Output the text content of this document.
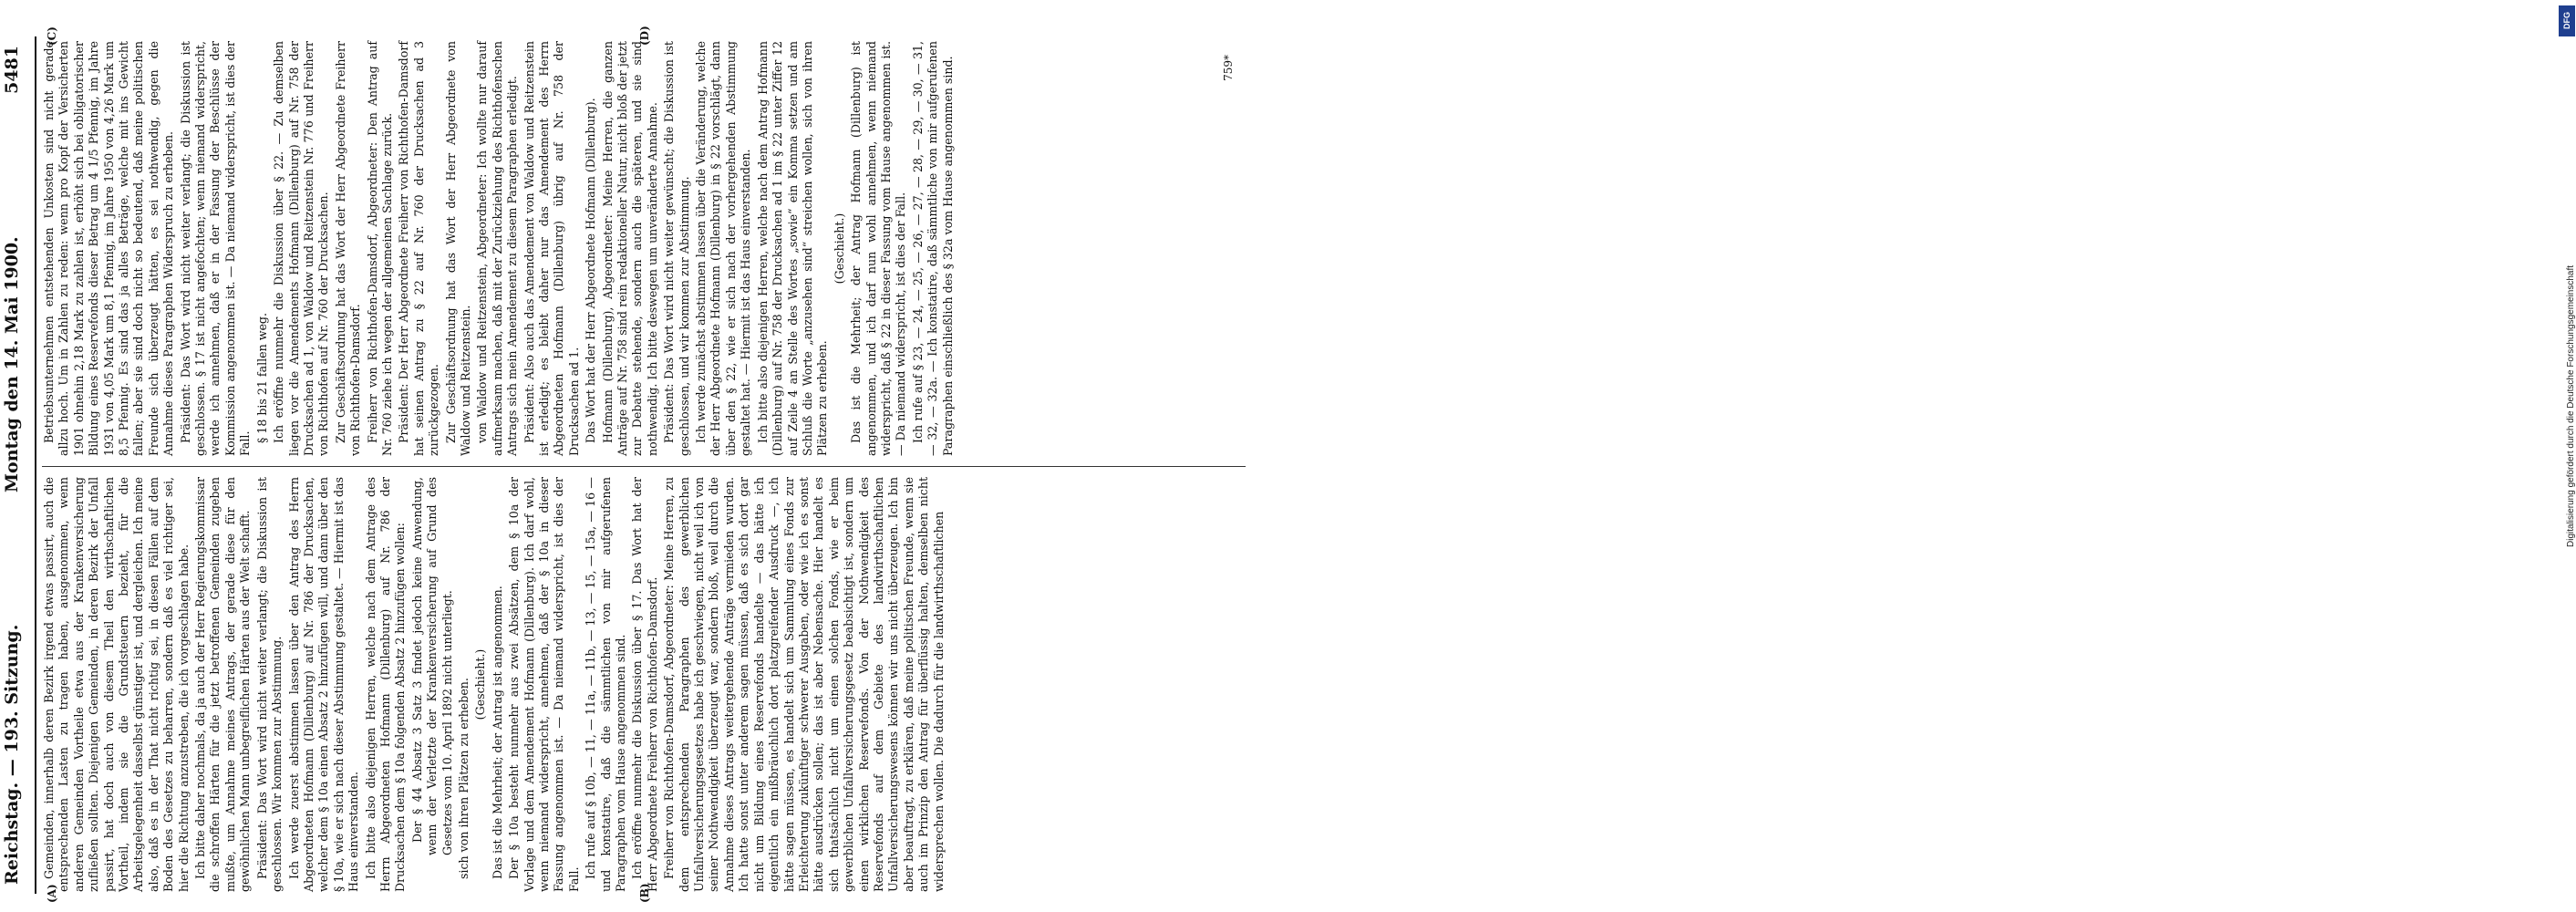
Reichstag. — 193. Sitzung.
Montag den 14. Mai 1900.
5481

Gemeinden, innerhalb deren Bezirk irgend etwas passirt, auch die entsprechenden Lasten zu tragen haben, ausgenommen, wenn anderen Gemeinden Vortheile etwa aus der Krankenversicherung zufließen sollten. Diejenigen Gemeinden, in deren Bezirk der Unfall passirt, hat doch auch von diesem Theil den wirthschaftlichen Vortheil, indem sie die Grundsteuern bezieht, für die Arbeitsgelegenheit dasselbst günstiger ist, und dergleichen. Ich meine also, daß es in der That nicht richtig sei, in diesen Fällen auf dem Boden des Gesetzes zu beharren, sondern daß es viel richtiger sei, hier die Richtung anzustreben, die ich vorgeschlagen habe. Ich bitte daher nochmals, da ja auch der Herr Regierungskommissar die schroffen Härten für die jetzt betroffenen Gemeinden zugeben mußte, um Annahme meines Antrags, der gerade diese für den gewöhnlichen Mann unbegreiflichen Härten aus der Welt schafft. Präsident: Das Wort wird nicht weiter verlangt; die Diskussion ist geschlossen. Wir kommen zur Abstimmung. Ich werde zuerst abstimmen lassen über den Antrag des Herrn Abgeordneten Hofmann (Dillenburg) auf Nr. 786 der Drucksachen, welcher dem § 10a einen Absatz 2 hinzufügen will, und dann über den § 10a, wie er sich nach dieser Abstimmung gestaltet. — Hiermit ist das Haus einverstanden. Ich bitte also diejenigen Herren, welche nach dem Antrage des Herrn Abgeordneten Hofmann (Dillenburg) auf Nr. 786 der Drucksachen dem § 10a folgenden Absatz 2 hinzufügen wollen: Der § 44 Absatz 3 Satz 3 findet jedoch keine Anwendung, wenn der Verletzte der Krankenversicherung auf Grund des Gesetzes vom 10. April 1892 nicht unterliegt. sich von ihren Plätzen zu erheben. (Geschieht.) Das ist die Mehrheit; der Antrag ist angenommen. Der § 10a besteht nunmehr aus zwei Absätzen, dem § 10a der Vorlage und dem Amendement Hofmann (Dillenburg). Ich darf wohl, wenn niemand widerspricht, annehmen, daß der § 10a in dieser Fassung angenommen ist. — Da niemand widerspricht, ist dies der Fall.

Ich rufe auf § 10b, — 11, — 11a, — 11b, — 13, — 15, — 15a, — 16 — und konstatire, daß die sämmtlichen von mir aufgerufenen Paragraphen vom Hause angenommen sind. Ich eröffne nunmehr die Diskussion über § 17. Das Wort hat der Herr Abgeordnete Freiherr von Richthofen-Damsdorf. Freiherr von Richthofen-Damsdorf, Abgeordneter: Meine Herren, zu dem entsprechenden Paragraphen des gewerblichen Unfallversicherungsgesetzes habe ich geschwiegen, nicht weil ich von seiner Nothwendigkeit überzeugt war, sondern bloß, weil durch die Annahme dieses Antrags weitergehende Anträge vermieden wurden. Ich hatte sonst unter anderem sagen müssen, daß es sich dort gar nicht um Bildung eines Reservefonds handelte — das hätte ich eigentlich ein mißbräuchlich dort platzgreifender Ausdruck —, ich hätte sagen müssen, es handelt sich um Sammlung eines Fonds zur Erleichterung zukünftiger schwerer Ausgaben, oder wie ich es sonst hätte ausdrücken sollen; das ist aber Nebensache. Hier handelt es sich thatsächlich nicht um einen solchen Fonds, wie er beim gewerblichen Unfallversicherungsgesetz beabsichtigt ist, sondern um einen wirklichen Reservefonds. Von der Nothwendigkeit des Reservefonds auf dem Gebiete des landwirthschaftlichen Unfallversicherungswesens können wir uns nicht überzeugen. Ich bin aber beauftragt, zu erklären, daß meine politischen Freunde, wenn sie auch im Prinzip den Antrag für überflüssig halten, demselben nicht widersprechen wollen. Die dadurch für die landwirthschaftlichen

Betriebsunternehmen entstehenden Unkosten sind nicht gerade allzu hoch. Um in Zahlen zu reden: wenn pro Kopf der Versicherten 1901 ohnehin 2,18 Mark zu zahlen ist, erhöht sich bei obligatorischer Bildung eines Reservefonds dieser Betrag um 4 1/5 Pfennig, im Jahre 1931 von 4,05 Mark um 8,1 Pfennig, im Jahre 1950 von 4,26 Mark um 8,5 Pfennig. Es sind das ja alles Beträge, welche mit ins Gewicht fallen; aber sie sind doch nicht so bedeutend, daß meine politischen Freunde sich überzeugt hätten, es sei nothwendig, gegen die Annahme dieses Paragraphen Widerspruch zu erheben. Präsident: Das Wort wird nicht weiter verlangt; die Diskussion ist geschlossen. § 17 ist nicht angefochten; wenn niemand widerspricht, werde ich annehmen, daß er in der Fassung der Beschlüsse der Kommission angenommen ist. — Da niemand widerspricht, ist dies der Fall.

§ 18 bis 21 fallen weg. Ich eröffne nunmehr die Diskussion über § 22. — Zu demselben liegen vor die Amendements Hofmann (Dillenburg) auf Nr. 758 der Drucksachen ad 1, von Waldow und Reitzenstein Nr. 776 und Freiherr von Richthofen auf Nr. 760 der Drucksachen. Zur Geschäftsordnung hat das Wort der Herr Abgeordnete Freiherr von Richthofen-Damsdorf. Freiherr von Richthofen-Damsdorf, Abgeordneter: Den Antrag auf Nr. 760 ziehe ich wegen der allgemeinen Sachlage zurück. Präsident: Der Herr Abgeordnete Freiherr von Richthofen-Damsdorf hat seinen Antrag zu § 22 auf Nr. 760 der Drucksachen ad 3 zurückgezogen. Zur Geschäftsordnung hat das Wort der Herr Abgeordnete von Waldow und Reitzenstein. von Waldow und Reitzenstein, Abgeordneter: Ich wollte nur darauf aufmerksam machen, daß mit der Zurückziehung des Richthofenschen Antrags sich mein Amendement zu diesem Paragraphen erledigt. Präsident: Also auch das Amendement von Waldow und Reitzenstein ist erledigt; es bleibt daher nur das Amendement des Herrn Abgeordneten Hofmann (Dillenburg) übrig auf Nr. 758 der Drucksachen ad 1. Das Wort hat der Herr Abgeordnete Hofmann (Dillenburg). Hofmann (Dillenburg), Abgeordneter: Meine Herren, die ganzen Anträge auf Nr. 758 sind rein redaktioneller Natur, nicht bloß der jetzt zur Debatte stehende, sondern auch die späteren, und sie sind nothwendig. Ich bitte deswegen um unveränderte Annahme. Präsident: Das Wort wird nicht weiter gewünscht; die Diskussion ist geschlossen, und wir kommen zur Abstimmung. Ich werde zunächst abstimmen lassen über die Veränderung, welche der Herr Abgeordnete Hofmann (Dillenburg) in § 22 vorschlägt, dann über den § 22, wie er sich nach der vorhergehenden Abstimmung gestaltet hat. — Hiermit ist das Haus einverstanden. Ich bitte also diejenigen Herren, welche nach dem Antrag Hofmann (Dillenburg) auf Nr. 758 der Drucksachen ad 1 im § 22 unter Ziffer 12 auf Zeile 4 an Stelle des Wortes „sowie“ ein Komma setzen und am Schluß die Worte „anzusehen sind“ streichen wollen, sich von ihren Plätzen zu erheben.

(Geschieht.) Das ist die Mehrheit; der Antrag Hofmann (Dillenburg) ist angenommen, und ich darf nun wohl annehmen, wenn niemand widerspricht, daß § 22 in dieser Fassung vom Hause angenommen ist. — Da niemand widerspricht, ist dies der Fall. Ich rufe auf § 23, — 24, — 25, — 26, — 27, — 28, — 29, — 30, — 31, — 32, — 32a. — Ich konstatire, daß sämmtliche von mir aufgerufenen Paragraphen einschließlich des § 32a vom Hause angenommen sind.

(A)	(B)
(C)	(D)
759*
DFG
Digitalisierung gefördert durch die Deutsche Forschungsgemeinschaft
